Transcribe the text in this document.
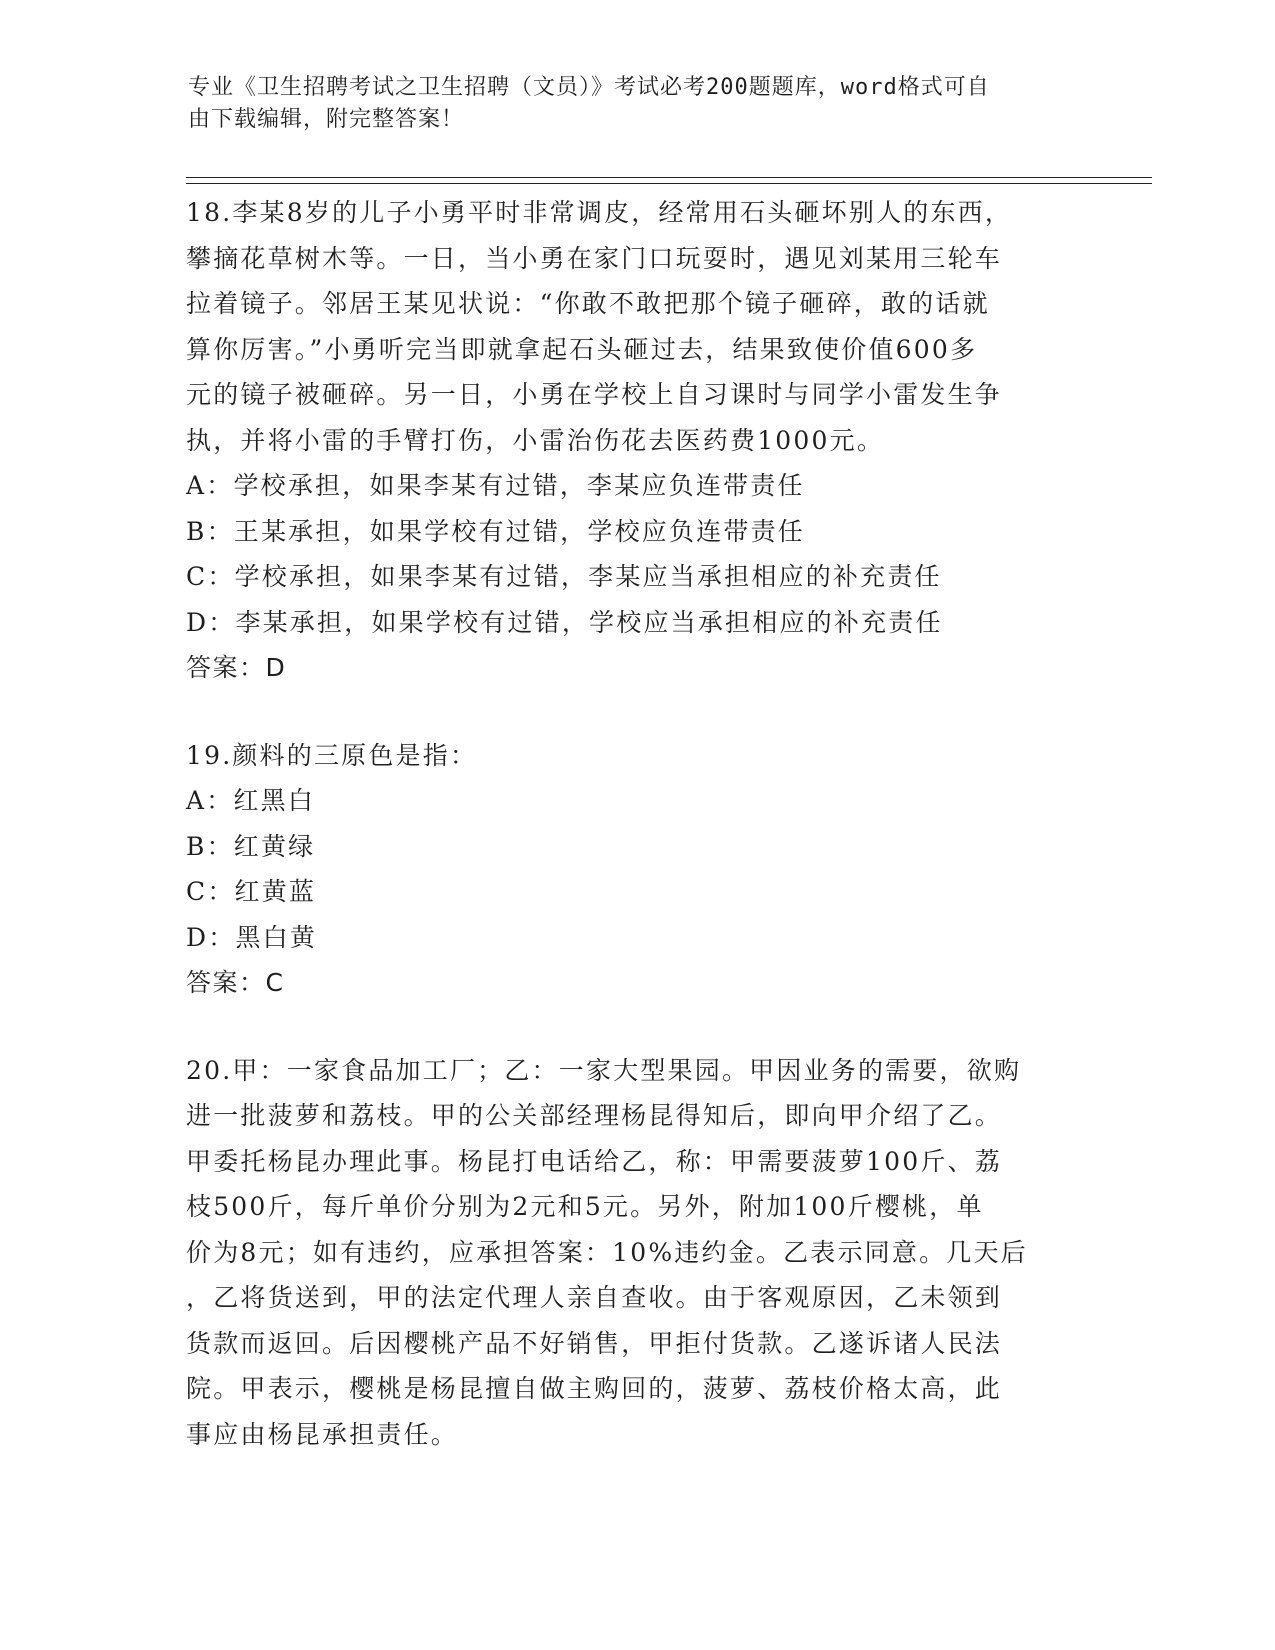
专业《卫生招聘考试之卫生招聘（文员）》考试必考200题题库，word格式可自
由下载编辑，附完整答案！
18.李某8岁的儿子小勇平时非常调皮，经常用石头砸坏别人的东西，
攀摘花草树木等。一日，当小勇在家门口玩耍时，遇见刘某用三轮车
拉着镜子。邻居王某见状说：“你敢不敢把那个镜子砸碎，敢的话就
算你厉害。”小勇听完当即就拿起石头砸过去，结果致使价值600多
元的镜子被砸碎。另一日，小勇在学校上自习课时与同学小雷发生争
执，并将小雷的手臂打伤，小雷治伤花去医药费1000元。
A：学校承担，如果李某有过错，李某应负连带责任
B：王某承担，如果学校有过错，学校应负连带责任
C：学校承担，如果李某有过错，李某应当承担相应的补充责任
D：李某承担，如果学校有过错，学校应当承担相应的补充责任
答案：D
19.颜料的三原色是指：
A：红黑白
B：红黄绿
C：红黄蓝
D：黑白黄
答案：C
20.甲：一家食品加工厂；乙：一家大型果园。甲因业务的需要，欲购
进一批菠萝和荔枝。甲的公关部经理杨昆得知后，即向甲介绍了乙。
甲委托杨昆办理此事。杨昆打电话给乙，称：甲需要菠萝100斤、荔
枝500斤，每斤单价分别为2元和5元。另外，附加100斤樱桃，单
价为8元；如有违约，应承担答案：10%违约金。乙表示同意。几天后
，乙将货送到，甲的法定代理人亲自查收。由于客观原因，乙未领到
货款而返回。后因樱桃产品不好销售，甲拒付货款。乙遂诉诸人民法
院。甲表示，樱桃是杨昆擅自做主购回的，菠萝、荔枝价格太高，此
事应由杨昆承担责任。
